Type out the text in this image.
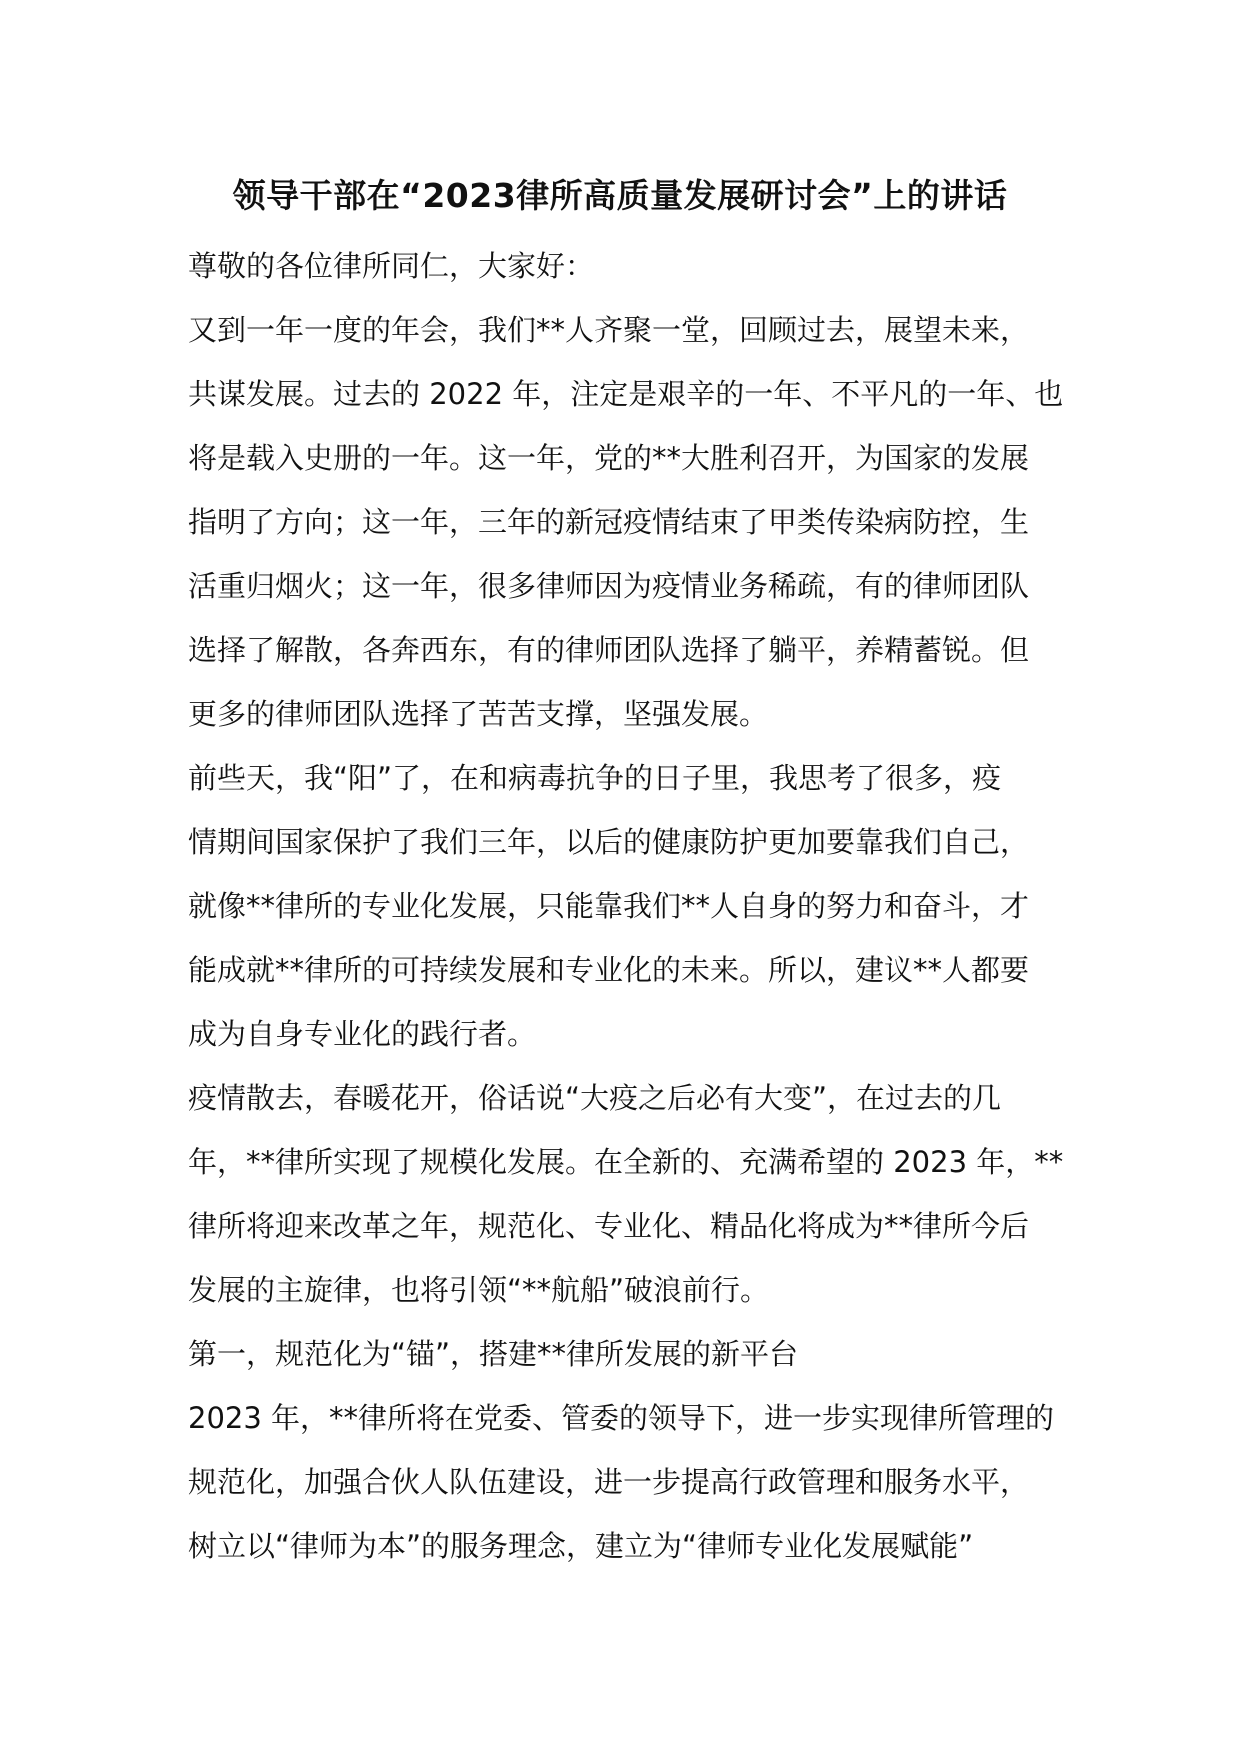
领导干部在“2023律所高质量发展研讨会”上的讲话
尊敬的各位律所同仁，大家好：
又到一年一度的年会，我们**人齐聚一堂，回顾过去，展望未来，
共谋发展。过去的 2022 年，注定是艰辛的一年、不平凡的一年、也
将是载入史册的一年。这一年，党的**大胜利召开，为国家的发展
指明了方向；这一年，三年的新冠疫情结束了甲类传染病防控，生
活重归烟火；这一年，很多律师因为疫情业务稀疏，有的律师团队
选择了解散，各奔西东，有的律师团队选择了躺平，养精蓄锐。但
更多的律师团队选择了苦苦支撑，坚强发展。
前些天，我“阳”了，在和病毒抗争的日子里，我思考了很多，疫
情期间国家保护了我们三年，以后的健康防护更加要靠我们自己，
就像**律所的专业化发展，只能靠我们**人自身的努力和奋斗，才
能成就**律所的可持续发展和专业化的未来。所以，建议**人都要
成为自身专业化的践行者。
疫情散去，春暖花开，俗话说“大疫之后必有大变”，在过去的几
年，**律所实现了规模化发展。在全新的、充满希望的 2023 年，**
律所将迎来改革之年，规范化、专业化、精品化将成为**律所今后
发展的主旋律，也将引领“**航船”破浪前行。
第一，规范化为“锚”，搭建**律所发展的新平台
2023 年，**律所将在党委、管委的领导下，进一步实现律所管理的
规范化，加强合伙人队伍建设，进一步提高行政管理和服务水平，
树立以“律师为本”的服务理念，建立为“律师专业化发展赋能”
